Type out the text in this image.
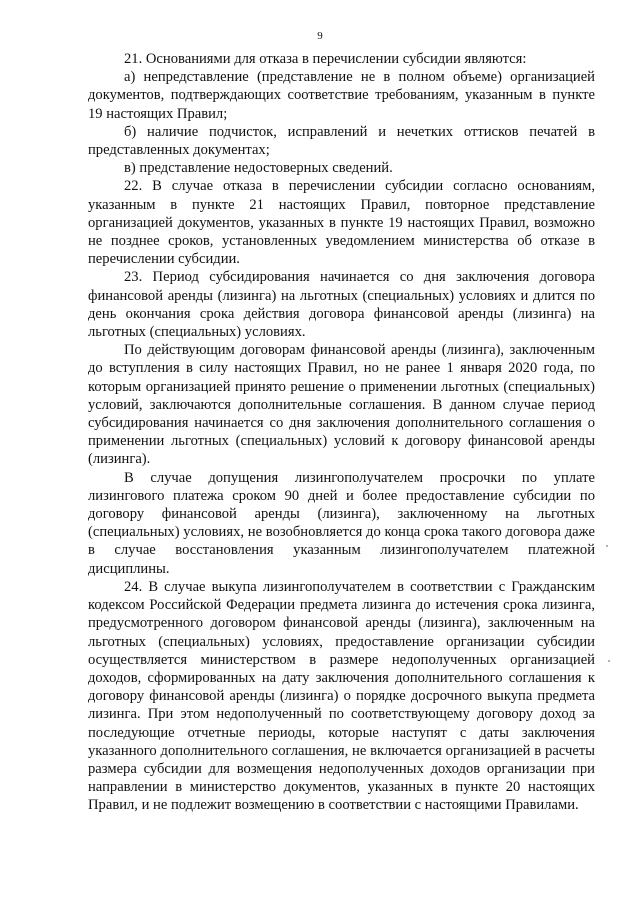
9

21. Основаниями для отказа в перечислении субсидии являются:

а) непредставление (представление не в полном объеме) организацией документов, подтверждающих соответствие требованиям, указанным в пункте 19 настоящих Правил;

б) наличие подчисток, исправлений и нечетких оттисков печатей в представленных документах;

в) представление недостоверных сведений.

22. В случае отказа в перечислении субсидии согласно основаниям, указанным в пункте 21 настоящих Правил, повторное представление организацией документов, указанных в пункте 19 настоящих Правил, возможно не позднее сроков, установленных уведомлением министерства об отказе в перечислении субсидии.

23. Период субсидирования начинается со дня заключения договора финансовой аренды (лизинга) на льготных (специальных) условиях и длится по день окончания срока действия договора финансовой аренды (лизинга) на льготных (специальных) условиях.

По действующим договорам финансовой аренды (лизинга), заключенным до вступления в силу настоящих Правил, но не ранее 1 января 2020 года, по которым организацией принято решение о применении льготных (специальных) условий, заключаются дополнительные соглашения. В данном случае период субсидирования начинается со дня заключения дополнительного соглашения о применении льготных (специальных) условий к договору финансовой аренды (лизинга).

В случае допущения лизингополучателем просрочки по уплате лизингового платежа сроком 90 дней и более предоставление субсидии по договору финансовой аренды (лизинга), заключенному на льготных (специальных) условиях, не возобновляется до конца срока такого договора даже в случае восстановления указанным лизингополучателем платежной дисциплины.

24. В случае выкупа лизингополучателем в соответствии с Гражданским кодексом Российской Федерации предмета лизинга до истечения срока лизинга, предусмотренного договором финансовой аренды (лизинга), заключенным на льготных (специальных) условиях, предоставление организации субсидии осуществляется министерством в размере недополученных организацией доходов, сформированных на дату заключения дополнительного соглашения к договору финансовой аренды (лизинга) о порядке досрочного выкупа предмета лизинга. При этом недополученный по соответствующему договору доход за последующие отчетные периоды, которые наступят с даты заключения указанного дополнительного соглашения, не включается организацией в расчеты размера субсидии для возмещения недополученных доходов организации при направлении в министерство документов, указанных в пункте 20 настоящих Правил, и не подлежит возмещению в соответствии с настоящими Правилами.
